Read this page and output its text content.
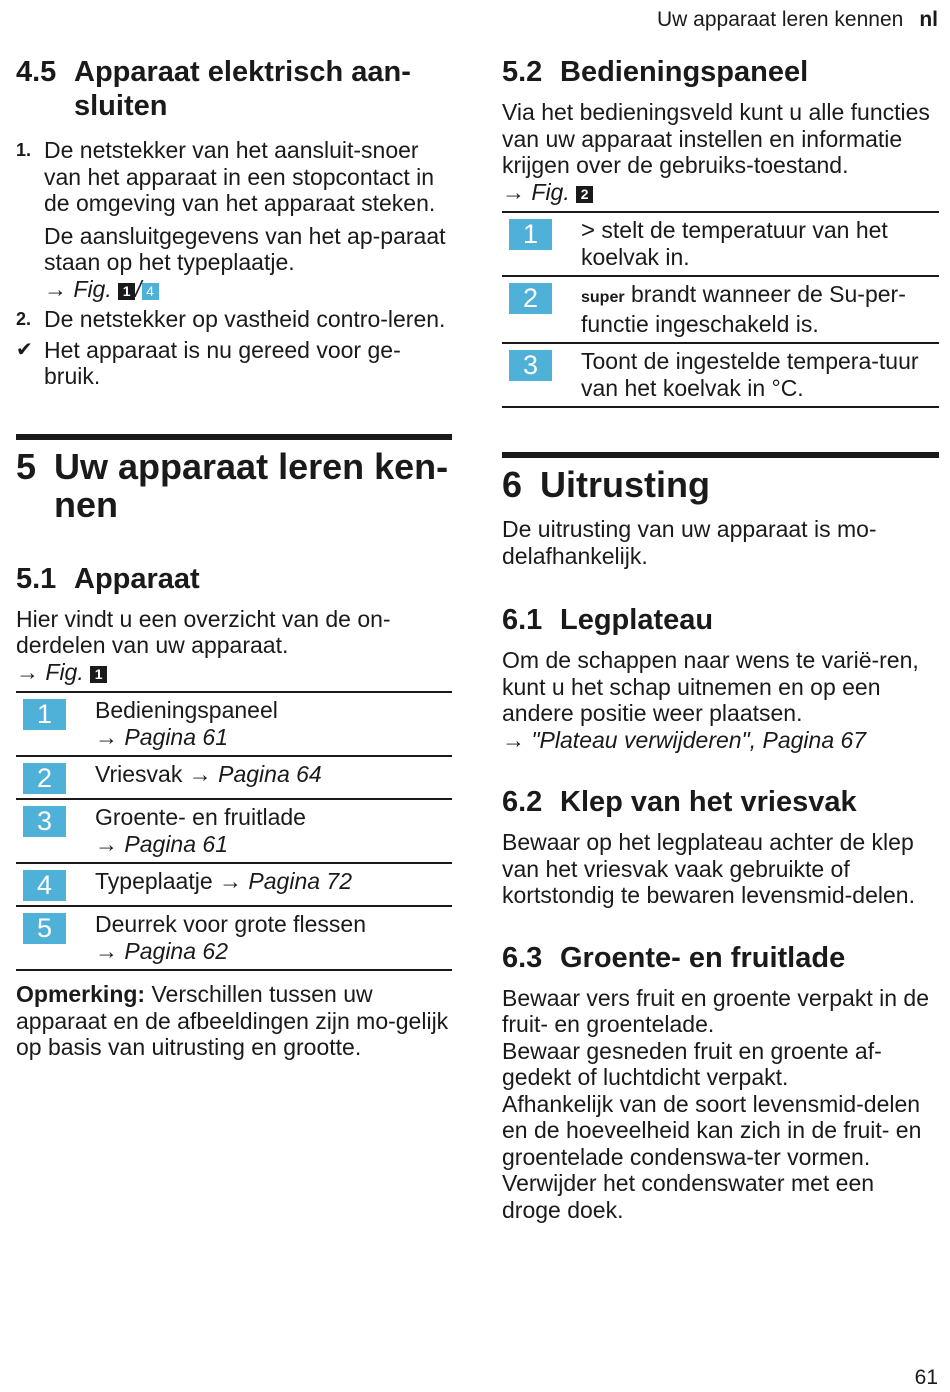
Uw apparaat leren kennen nl
4.5 Apparaat elektrisch aan-sluiten
1. De netstekker van het aansluit-snoer van het apparaat in een stopcontact in de omgeving van het apparaat steken.

De aansluitgegevens van het ap-paraat staan op het typeplaatje.

→ Fig. 1 / 4

2. De netstekker op vastheid contro-leren.

✔ Het apparaat is nu gereed voor ge-bruik.

5 Uw apparaat leren ken-nen
5.1 Apparaat

Hier vindt u een overzicht van de on-derdelen van uw apparaat.

→ Fig. 1

1	Bedieningspaneel
→ Pagina 61
2	Vriesvak → Pagina 64
3	Groente- en fruitlade
→ Pagina 61
4	Typeplaatje → Pagina 72
5	Deurrek voor grote flessen
→ Pagina 62

Opmerking: Verschillen tussen uw apparaat en de afbeeldingen zijn mo-gelijk op basis van uitrusting en grootte.

5.2 Bedieningspaneel

Via het bedieningsveld kunt u alle functies van uw apparaat instellen en informatie krijgen over de gebruiks-toestand.

→ Fig. 2

1	> stelt de temperatuur van het koelvak in.
2	super brandt wanneer de Su-per-functie ingeschakeld is.
3	Toont de ingestelde tempera-tuur van het koelvak in °C.
6 Uitrusting

De uitrusting van uw apparaat is mo-delafhankelijk.

6.1 Legplateau

Om de schappen naar wens te varië-ren, kunt u het schap uitnemen en op een andere positie weer plaatsen.

→ "Plateau verwijderen", Pagina 67

6.2 Klep van het vriesvak

Bewaar op het legplateau achter de klep van het vriesvak vaak gebruikte of kortstondig te bewaren levensmid-delen.

6.3 Groente- en fruitlade

Bewaar vers fruit en groente verpakt in de fruit- en groentelade.

Bewaar gesneden fruit en groente af-gedekt of luchtdicht verpakt.

Afhankelijk van de soort levensmid-delen en de hoeveelheid kan zich in de fruit- en groentelade condenswa-ter vormen.

Verwijder het condenswater met een droge doek.

61
